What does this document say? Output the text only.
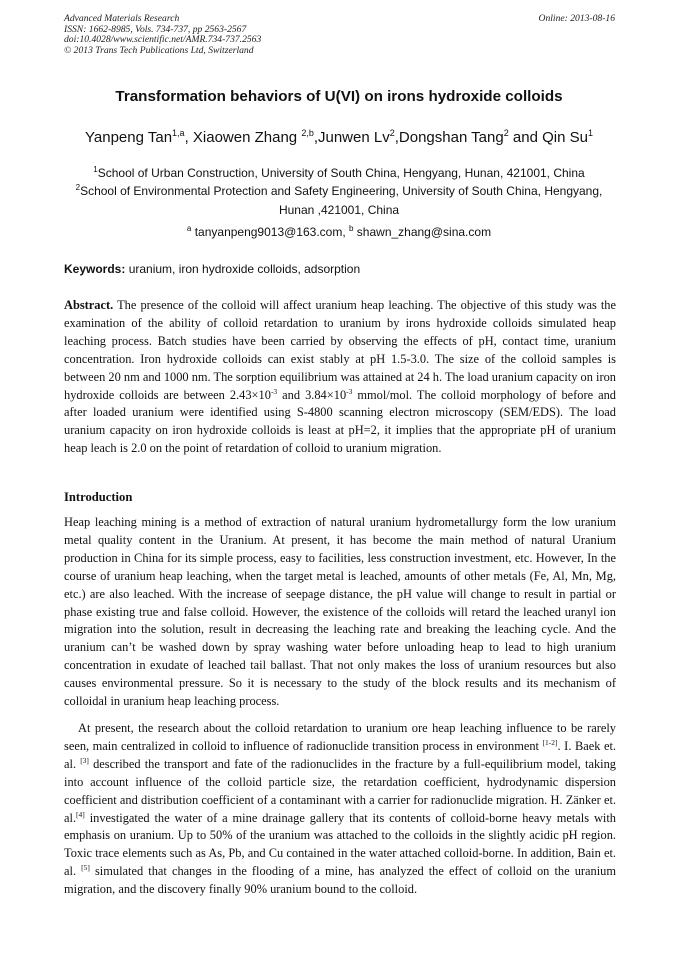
Advanced Materials Research
ISSN: 1662-8985, Vols. 734-737, pp 2563-2567
doi:10.4028/www.scientific.net/AMR.734-737.2563
© 2013 Trans Tech Publications Ltd, Switzerland
Online: 2013-08-16
Transformation behaviors of U(VI) on irons hydroxide colloids
Yanpeng Tan$^{1,a}$, Xiaowen Zhang $^{2,b}$,Junwen Lv$^2$,Dongshan Tang$^2$ and Qin Su$^1$
$^1$School of Urban Construction, University of South China, Hengyang, Hunan, 421001, China
$^2$School of Environmental Protection and Safety Engineering, University of South China, Hengyang, Hunan ,421001, China
$^a$ tanyanpeng9013@163.com, $^b$ shawn_zhang@sina.com
Keywords: uranium, iron hydroxide colloids, adsorption

Abstract. The presence of the colloid will affect uranium heap leaching. The objective of this study was the examination of the ability of colloid retardation to uranium by irons hydroxide colloids simulated heap leaching process. Batch studies have been carried by observing the effects of pH, contact time, uranium concentration. Iron hydroxide colloids can exist stably at pH 1.5-3.0. The size of the colloid samples is between 20 nm and 1000 nm. The sorption equilibrium was attained at 24 h. The load uranium capacity on iron hydroxide colloids are between $2.43\times 10^{-3}$ and $3.84\times 10^{-3}$ mmol/mol. The colloid morphology of before and after loaded uranium were identified using S-4800 scanning electron microscopy (SEM/EDS). The load uranium capacity on iron hydroxide colloids is least at pH=2, it implies that the appropriate pH of uranium heap leach is 2.0 on the point of retardation of colloid to uranium migration.

Introduction

Heap leaching mining is a method of extraction of natural uranium hydrometallurgy form the low uranium metal quality content in the Uranium. At present, it has become the main method of natural Uranium production in China for its simple process, easy to facilities, less construction investment, etc. However, In the course of uranium heap leaching, when the target metal is leached, amounts of other metals (Fe, Al, Mn, Mg, etc.) are also leached. With the increase of seepage distance, the pH value will change to result in partial or phase existing true and false colloid. However, the existence of the colloids will retard the leached uranyl ion migration into the solution, result in decreasing the leaching rate and breaking the leaching cycle. And the uranium can’t be washed down by spray washing water before unloading heap to lead to high uranium concentration in exudate of leached tail ballast. That not only makes the loss of uranium resources but also causes environmental pressure. So it is necessary to the study of the block results and its mechanism of colloidal in uranium heap leaching process.

At present, the research about the colloid retardation to uranium ore heap leaching influence to be rarely seen, main centralized in colloid to influence of radionuclide transition process in environment [1-2]. I. Baek et. al. [3] described the transport and fate of the radionuclides in the fracture by a full-equilibrium model, taking into account influence of the colloid particle size, the retardation coefficient, hydrodynamic dispersion coefficient and distribution coefficient of a contaminant with a carrier for radionuclide migration. H. Zänker et. al.[4] investigated the water of a mine drainage gallery that its contents of colloid-borne heavy metals with emphasis on uranium. Up to 50% of the uranium was attached to the colloids in the slightly acidic pH region. Toxic trace elements such as As, Pb, and Cu contained in the water attached colloid-borne. In addition, Bain et. al. [5] simulated that changes in the flooding of a mine, has analyzed the effect of colloid on the uranium migration, and the discovery finally 90% uranium bound to the colloid.
